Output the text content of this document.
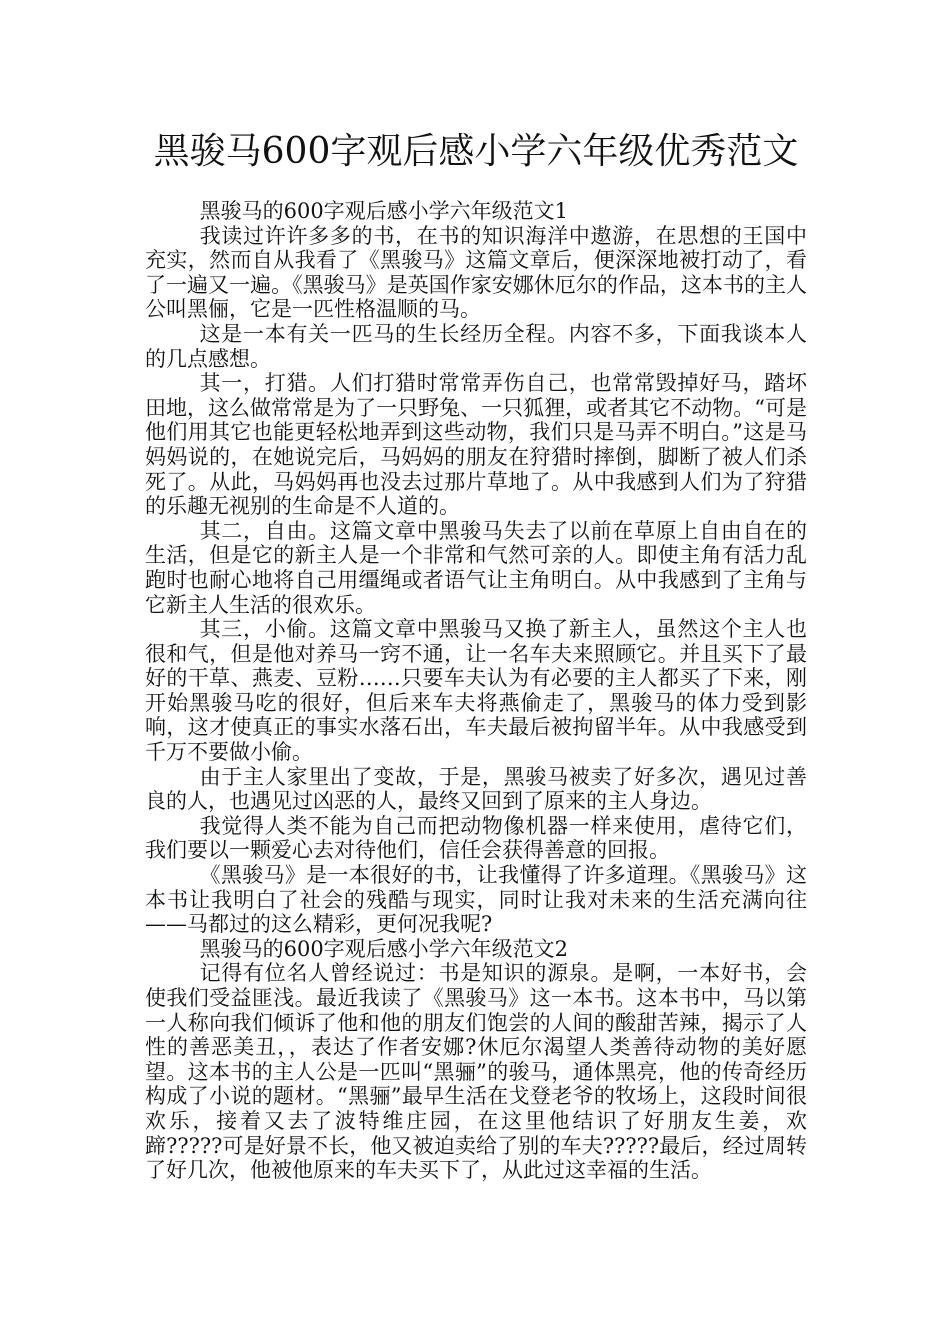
黑骏马600字观后感小学六年级优秀范文

黑骏马的600字观后感小学六年级范文1

我读过许许多多的书，在书的知识海洋中遨游，在思想的王国中充实，然而自从我看了《黑骏马》这篇文章后，便深深地被打动了，看了一遍又一遍。《黑骏马》是英国作家安娜休厄尔的作品，这本书的主人公叫黑俪，它是一匹性格温顺的马。

这是一本有关一匹马的生长经历全程。内容不多，下面我谈本人的几点感想。

其一，打猎。人们打猎时常常弄伤自己，也常常毁掉好马，踏坏田地，这么做常常是为了一只野兔、一只狐狸，或者其它不动物。“可是他们用其它也能更轻松地弄到这些动物，我们只是马弄不明白。”这是马妈妈说的，在她说完后，马妈妈的朋友在狩猎时摔倒，脚断了被人们杀死了。从此，马妈妈再也没去过那片草地了。从中我感到人们为了狩猎的乐趣无视别的生命是不人道的。

其二，自由。这篇文章中黑骏马失去了以前在草原上自由自在的生活，但是它的新主人是一个非常和气然可亲的人。即使主角有活力乱跑时也耐心地将自己用缰绳或者语气让主角明白。从中我感到了主角与它新主人生活的很欢乐。

其三，小偷。这篇文章中黑骏马又换了新主人，虽然这个主人也很和气，但是他对养马一窍不通，让一名车夫来照顾它。并且买下了最好的干草、燕麦、豆粉……只要车夫认为有必要的主人都买了下来，刚开始黑骏马吃的很好，但后来车夫将燕偷走了，黑骏马的体力受到影响，这才使真正的事实水落石出，车夫最后被拘留半年。从中我感受到千万不要做小偷。

由于主人家里出了变故，于是，黑骏马被卖了好多次，遇见过善良的人，也遇见过凶恶的人，最终又回到了原来的主人身边。

我觉得人类不能为自己而把动物像机器一样来使用，虐待它们，我们要以一颗爱心去对待他们，信任会获得善意的回报。

《黑骏马》是一本很好的书，让我懂得了许多道理。《黑骏马》这本书让我明白了社会的残酷与现实，同时让我对未来的生活充满向往——马都过的这么精彩，更何况我呢?

黑骏马的600字观后感小学六年级范文2

记得有位名人曾经说过：书是知识的源泉。是啊，一本好书，会使我们受益匪浅。最近我读了《黑骏马》这一本书。这本书中，马以第一人称向我们倾诉了他和他的朋友们饱尝的人间的酸甜苦辣，揭示了人性的善恶美丑，，表达了作者安娜?休厄尔渴望人类善待动物的美好愿望。这本书的主人公是一匹叫“黑骊”的骏马，通体黑亮，他的传奇经历构成了小说的题材。“黑骊”最早生活在戈登老爷的牧场上，这段时间很欢乐，接着又去了波特维庄园，在这里他结识了好朋友生姜，欢蹄?????可是好景不长，他又被迫卖给了别的车夫?????最后，经过周转了好几次，他被他原来的车夫买下了，从此过这幸福的生活。
